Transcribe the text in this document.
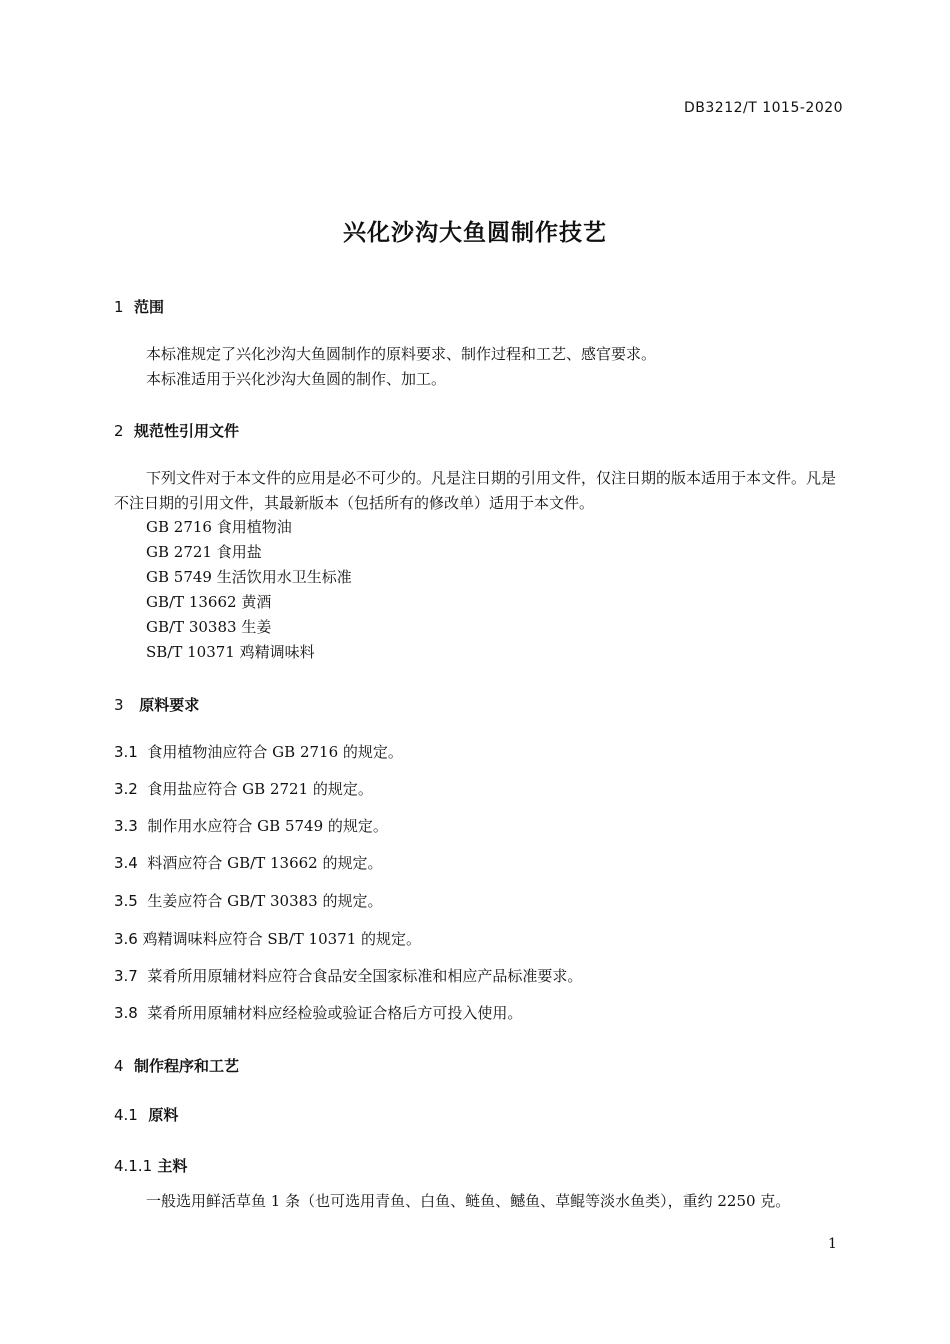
DB3212/T 1015-2020
兴化沙沟大鱼圆制作技艺
1 范围
本标准规定了兴化沙沟大鱼圆制作的原料要求、制作过程和工艺、感官要求。
本标准适用于兴化沙沟大鱼圆的制作、加工。
2 规范性引用文件
下列文件对于本文件的应用是必不可少的。凡是注日期的引用文件，仅注日期的版本适用于本文件。凡是不注日期的引用文件，其最新版本（包括所有的修改单）适用于本文件。
GB 2716 食用植物油
GB 2721 食用盐
GB 5749 生活饮用水卫生标准
GB/T 13662 黄酒
GB/T 30383 生姜
SB/T 10371 鸡精调味料
3 原料要求
3.1 食用植物油应符合 GB 2716 的规定。
3.2 食用盐应符合 GB 2721 的规定。
3.3 制作用水应符合 GB 5749 的规定。
3.4 料酒应符合 GB/T 13662 的规定。
3.5 生姜应符合 GB/T 30383 的规定。
3.6 鸡精调味料应符合 SB/T 10371 的规定。
3.7 菜肴所用原辅材料应符合食品安全国家标准和相应产品标准要求。
3.8 菜肴所用原辅材料应经检验或验证合格后方可投入使用。
4 制作程序和工艺
4.1 原料
4.1.1 主料
一般选用鲜活草鱼 1 条（也可选用青鱼、白鱼、鲢鱼、鳡鱼、草鲲等淡水鱼类），重约 2250 克。
1
